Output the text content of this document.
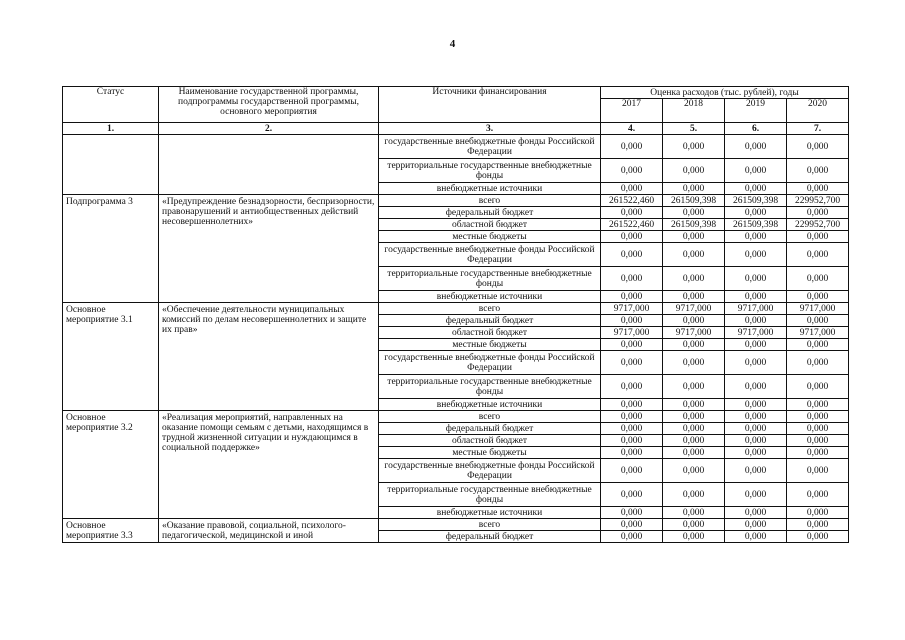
4
Статус	Наименование государственной программы, подпрограммы государственной программы, основного мероприятия	Источники финансирования	Оценка расходов (тыс. рублей), годы			
			2017	2018	2019	2020
1.	2.	3.	4.	5.	6.	7.
		государственные внебюджетные фонды Российской Федерации	0,000	0,000	0,000	0,000
		территориальные государственные внебюджетные фонды	0,000	0,000	0,000	0,000
		внебюджетные источники	0,000	0,000	0,000	0,000
Подпрограмма 3	«Предупреждение безнадзорности, беспризорности, правонарушений и антиобщественных действий несовершеннолетних»	всего	261522,460	261509,398	261509,398	229952,700
		федеральный бюджет	0,000	0,000	0,000	0,000
		областной бюджет	261522,460	261509,398	261509,398	229952,700
		местные бюджеты	0,000	0,000	0,000	0,000
		государственные внебюджетные фонды Российской Федерации	0,000	0,000	0,000	0,000
		территориальные государственные внебюджетные фонды	0,000	0,000	0,000	0,000
		внебюджетные источники	0,000	0,000	0,000	0,000
Основное мероприятие 3.1	«Обеспечение деятельности муниципальных комиссий по делам несовершеннолетних и защите их прав»	всего	9717,000	9717,000	9717,000	9717,000
		федеральный бюджет	0,000	0,000	0,000	0,000
		областной бюджет	9717,000	9717,000	9717,000	9717,000
		местные бюджеты	0,000	0,000	0,000	0,000
		государственные внебюджетные фонды Российской Федерации	0,000	0,000	0,000	0,000
		территориальные государственные внебюджетные фонды	0,000	0,000	0,000	0,000
		внебюджетные источники	0,000	0,000	0,000	0,000
Основное мероприятие 3.2	«Реализация мероприятий, направленных на оказание помощи семьям с детьми, находящимся в трудной жизненной ситуации и нуждающимся в социальной поддержке»	всего	0,000	0,000	0,000	0,000
		федеральный бюджет	0,000	0,000	0,000	0,000
		областной бюджет	0,000	0,000	0,000	0,000
		местные бюджеты	0,000	0,000	0,000	0,000
		государственные внебюджетные фонды Российской Федерации	0,000	0,000	0,000	0,000
		территориальные государственные внебюджетные фонды	0,000	0,000	0,000	0,000
		внебюджетные источники	0,000	0,000	0,000	0,000
Основное мероприятие 3.3	«Оказание правовой, социальной, психолого-педагогической, медицинской и иной	всего	0,000	0,000	0,000	0,000
		федеральный бюджет	0,000	0,000	0,000	0,000
